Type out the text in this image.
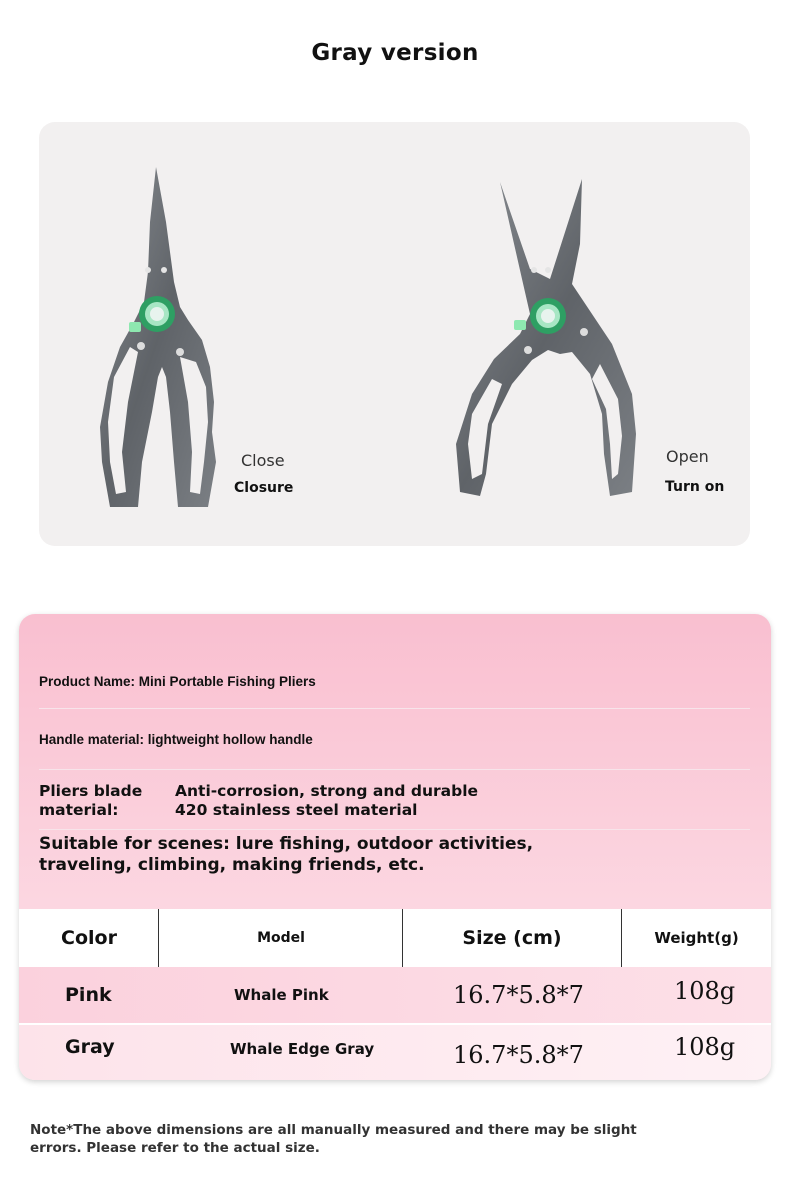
Gray version
Close
Closure
Open
Turn on
Product Name: Mini Portable Fishing Pliers
Handle material: lightweight hollow handle
Pliers blade material:
Anti-corrosion, strong and durable 420 stainless steel material
Suitable for scenes: lure fishing, outdoor activities, traveling, climbing, making friends, etc.
Color	Model	Size (cm)	Weight(g)
Pink	Whale Pink	16.7*5.8*7	108g
Gray	Whale Edge Gray	16.7*5.8*7	108g
Note*The above dimensions are all manually measured and there may be slight errors. Please refer to the actual size.
